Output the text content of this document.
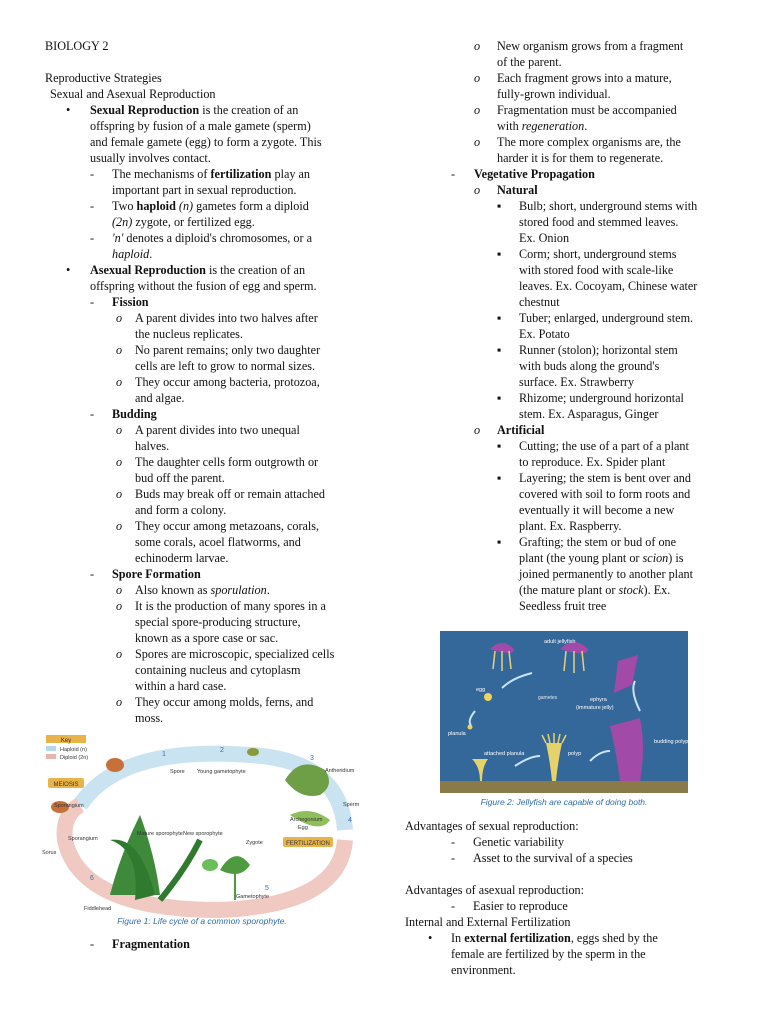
BIOLOGY 2
Reproductive Strategies
Sexual and Asexual Reproduction
• Sexual Reproduction is the creation of an
offspring by fusion of a male gamete (sperm)
and female gamete (egg) to form a zygote. This
usually involves contact.
- The mechanisms of fertilization play an
important part in sexual reproduction.
- Two haploid (n) gametes form a diploid
(2n) zygote, or fertilized egg.
- 'n' denotes a diploid's chromosomes, or a
haploid.
• Asexual Reproduction is the creation of an
offspring without the fusion of egg and sperm.
- Fission
o A parent divides into two halves after
the nucleus replicates.
o No parent remains; only two daughter
cells are left to grow to normal sizes.
o They occur among bacteria, protozoa,
and algae.
- Budding
o A parent divides into two unequal
halves.
o The daughter cells form outgrowth or
bud off the parent.
o Buds may break off or remain attached
and form a colony.
o They occur among metazoans, corals,
some corals, acoel flatworms, and
echinoderm larvae.
- Spore Formation
o Also known as sporulation.
o It is the production of many spores in a
special spore-producing structure,
known as a spore case or sac.
o Spores are microscopic, specialized cells
containing nucleus and cytoplasm
within a hard case.
o They occur among molds, ferns, and
moss.
Key
Haploid (n)
Diploid (2n)
MEIOSIS
FERTILIZATION
1
2
3
4
5
6
Spore Young gametophyte	Antheridium
Sperm
Archegonium
Egg
Zygote
Gametophyte
New sporophyte
Mature sporophyte
Sporangium
Sporangium
Sorus
Fiddlehead
Figure 1: Life cycle of a common sporophyte.
- Fragmentation
o New organism grows from a fragment
of the parent.
o Each fragment grows into a mature,
fully-grown individual.
o Fragmentation must be accompanied
with regeneration.
o The more complex organisms are, the
harder it is for them to regenerate.
- Vegetative Propagation
o Natural
▪ Bulb; short, underground stems with
stored food and stemmed leaves.
Ex. Onion
▪ Corm; short, underground stems
with stored food with scale-like
leaves. Ex. Cocoyam, Chinese water
chestnut
▪ Tuber; enlarged, underground stem.
Ex. Potato
▪ Runner (stolon); horizontal stem
with buds along the ground's
surface. Ex. Strawberry
▪ Rhizome; underground horizontal
stem. Ex. Asparagus, Ginger
o Artificial
▪ Cutting; the use of a part of a plant
to reproduce. Ex. Spider plant
▪ Layering; the stem is bent over and
covered with soil to form roots and
eventually it will become a new
plant. Ex. Raspberry.
▪ Grafting; the stem or bud of one
plant (the young plant or scion) is
joined permanently to another plant
(the mature plant or stock). Ex.
Seedless fruit tree
egg
adult jellyfish
gametes	ephyra
(immature jelly)
planula
attached planula	polyp
budding polyp
Figure 2: Jellyfish are capable of doing both.
Advantages of sexual reproduction:
- Genetic variability
- Asset to the survival of a species
Advantages of asexual reproduction:
- Easier to reproduce
Internal and External Fertilization
• In external fertilization, eggs shed by the
female are fertilized by the sperm in the
environment.
